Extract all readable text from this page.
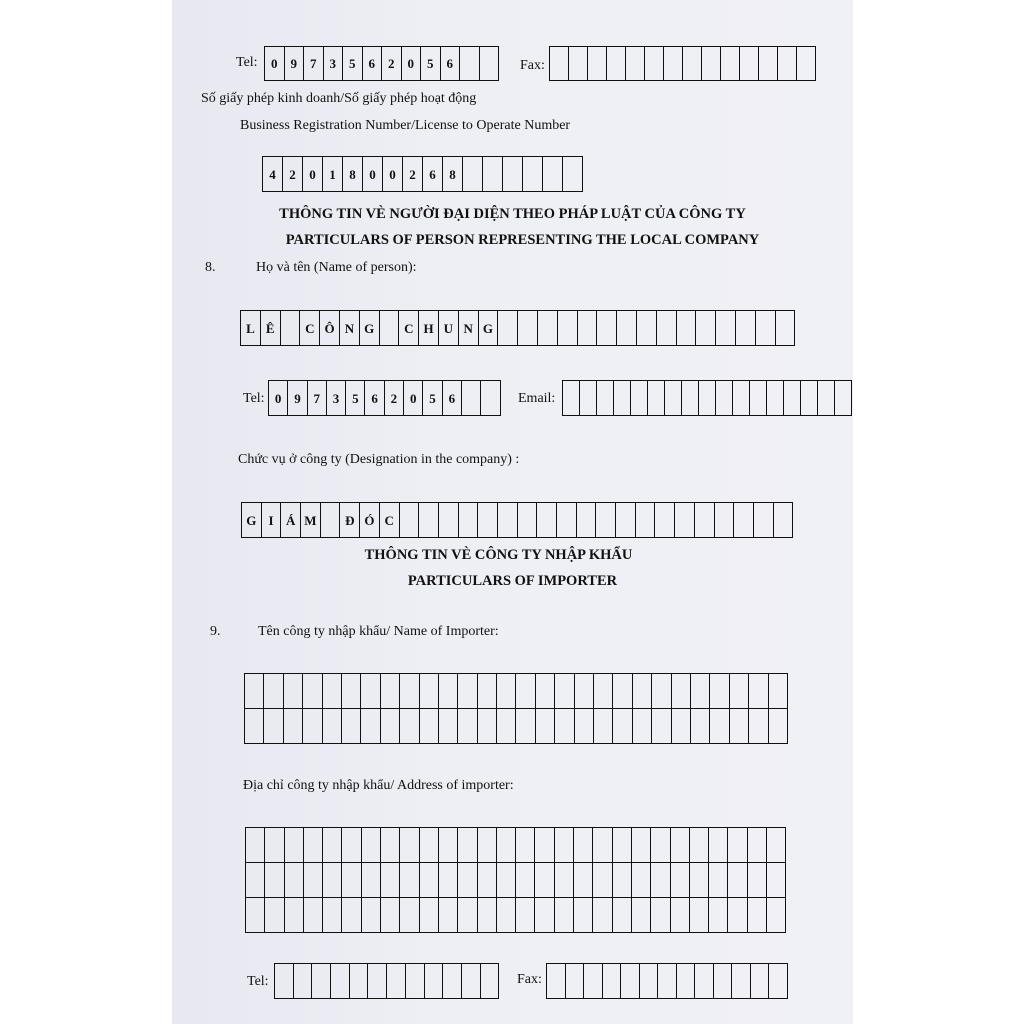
Tel:	0	9	7	3	5	6	2	0	5	6	Fax:
Số giấy phép kinh doanh/Số giấy phép hoạt động
Business Registration Number/License to Operate Number
4	2	0	1	8	0	0	2	6	8
THÔNG TIN VÈ NGƯỜI ĐẠI DIỆN THEO PHÁP LUẬT CỦA CÔNG TY
PARTICULARS OF PERSON REPRESENTING THE LOCAL COMPANY
8.	Họ và tên (Name of person):
L Ê	C Ô N G	C H U N G
Tel: 0 9 7 3 5 6 2 0 5 6	Email:
Chức vụ ở công ty (Designation in the company) :
G I Á M	Đ Ó C
THÔNG TIN VÈ CÔNG TY NHẬP KHẨU
PARTICULARS OF IMPORTER
9.	Tên công ty nhập khẩu/ Name of Importer:
Địa chỉ công ty nhập khẩu/ Address of importer:
Tel:	Fax:
